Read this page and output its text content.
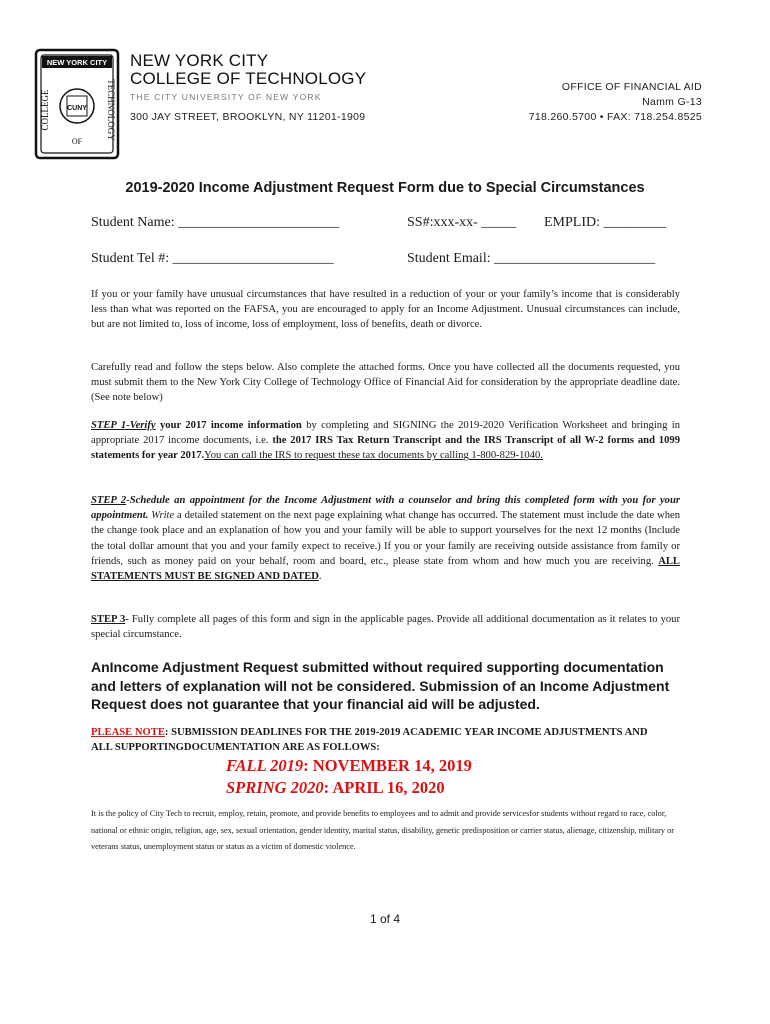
NEW YORK CITY
COLLEGE	TECHNOLOGY
CUNY
OF
NEW YORK CITY
COLLEGE OF TECHNOLOGY
THE CITY UNIVERSITY OF NEW YORK
300 JAY STREET, BROOKLYN, NY 11201-1909
OFFICE OF FINANCIAL AID
Namm G-13
718.260.5700 • FAX: 718.254.8525
2019-2020 Income Adjustment Request Form due to Special Circumstances
Student Name: _______________________	SS#:xxx-xx- _____ EMPLID: _________
Student Tel #: _______________________	Student Email: _______________________
If you or your family have unusual circumstances that have resulted in a reduction of your or your family’s income that is considerably less than what was reported on the FAFSA, you are encouraged to apply for an Income Adjustment. Unusual circumstances can include, but are not limited to, loss of income, loss of employment, loss of benefits, death or divorce.
Carefully read and follow the steps below. Also complete the attached forms. Once you have collected all the documents requested, you must submit them to the New York City College of Technology Office of Financial Aid for consideration by the appropriate deadline date. (See note below)
STEP 1-Verify your 2017 income information by completing and SIGNING the 2019-2020 Verification Worksheet and bringing in appropriate 2017 income documents, i.e. the 2017 IRS Tax Return Transcript and the IRS Transcript of all W-2 forms and 1099 statements for year 2017.You can call the IRS to request these tax documents by calling 1-800-829-1040.
STEP 2-Schedule an appointment for the Income Adjustment with a counselor and bring this completed form with you for your appointment. Write a detailed statement on the next page explaining what change has occurred. The statement must include the date when the change took place and an explanation of how you and your family will be able to support yourselves for the next 12 months (Include the total dollar amount that you and your family expect to receive.) If you or your family are receiving outside assistance from family or friends, such as money paid on your behalf, room and board, etc., please state from whom and how much you are receiving. ALL STATEMENTS MUST BE SIGNED AND DATED.
STEP 3- Fully complete all pages of this form and sign in the applicable pages. Provide all additional documentation as it relates to your special circumstance.
AnIncome Adjustment Request submitted without required supporting documentation and letters of explanation will not be considered. Submission of an Income Adjustment Request does not guarantee that your financial aid will be adjusted.
PLEASE NOTE: SUBMISSION DEADLINES FOR THE 2019-2019 ACADEMIC YEAR INCOME ADJUSTMENTS AND ALL SUPPORTINGDOCUMENTATION ARE AS FOLLOWS:
FALL 2019: NOVEMBER 14, 2019
SPRING 2020: APRIL 16, 2020
It is the policy of City Tech to recruit, employ, retain, promote, and provide benefits to employees and to admit and provide servicesfor students without regard to race, color, national or ethnic origin, religion, age, sex, sexual orientation, gender identity, marital status, disability, genetic predisposition or carrier status, alienage, citizenship, military or veterans status, unemployment status or status as a victim of domestic violence.
1 of 4
